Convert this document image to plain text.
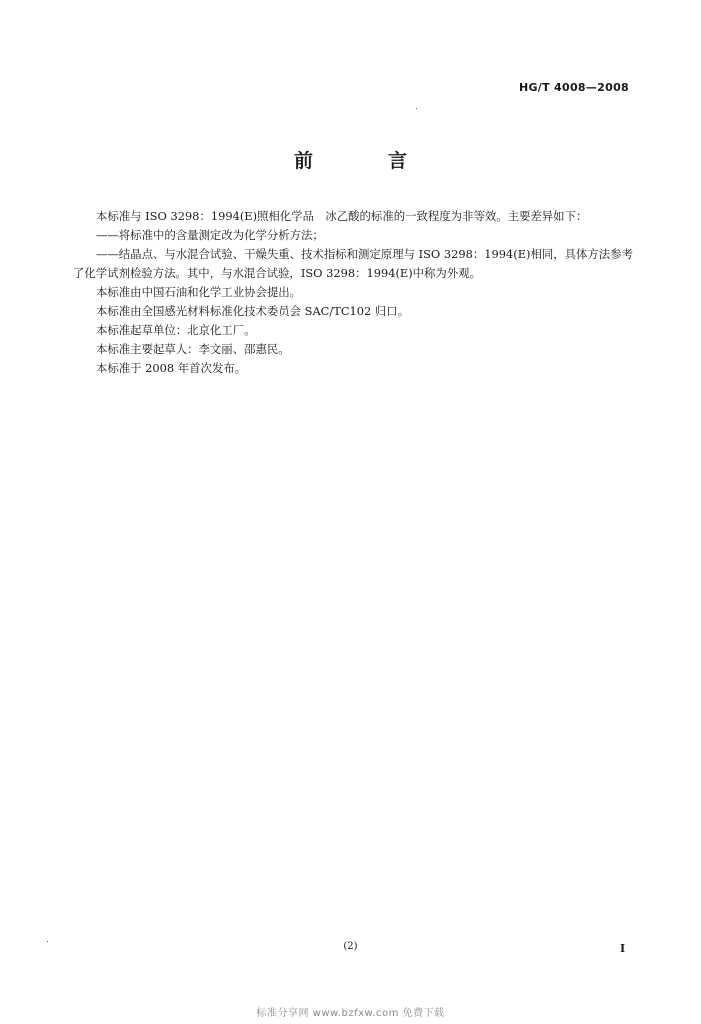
HG/T 4008—2008
前　言

本标准与 ISO 3298：1994(E)照相化学品　冰乙酸的标准的一致程度为非等效。主要差异如下：

——将标准中的含量测定改为化学分析方法；

——结晶点、与水混合试验、干燥失重、技术指标和测定原理与 ISO 3298：1994(E)相同，具体方法参考了化学试剂检验方法。其中，与水混合试验，ISO 3298：1994(E)中称为外观。

本标准由中国石油和化学工业协会提出。

本标准由全国感光材料标准化技术委员会 SAC/TC102 归口。

本标准起草单位：北京化工厂。

本标准主要起草人：李文丽、邵惠民。

本标准于 2008 年首次发布。

(2)	I
标准分享网 www.bzfxw.com 免费下载
